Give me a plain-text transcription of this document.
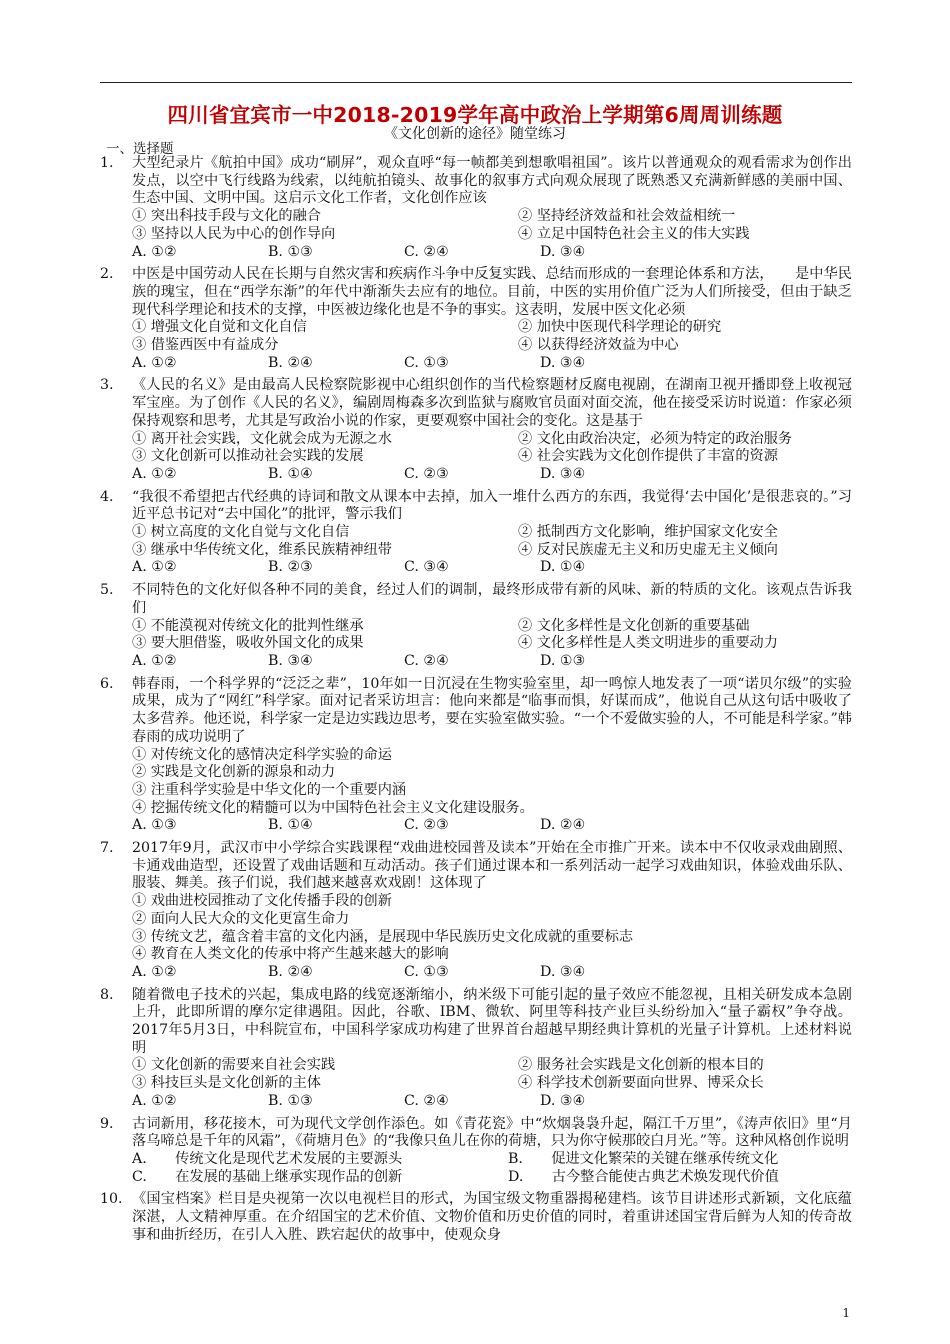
四川省宜宾市一中2018-2019学年高中政治上学期第6周周训练题
《文化创新的途径》随堂练习
一、选择题
1. 大型纪录片《航拍中国》成功“刷屏”，观众直呼“每一帧都美到想歌唱祖国”。该片以普通观众的观看需求为创作出发点，以空中飞行线路为线索，以纯航拍镜头、故事化的叙事方式向观众展现了既熟悉又充满新鲜感的美丽中国、生态中国、文明中国。这启示文化工作者，文化创作应该
① 突出科技手段与文化的融合	② 坚持经济效益和社会效益相统一
③ 坚持以人民为中心的创作导向	④ 立足中国特色社会主义的伟大实践
A. ①②	B. ①③	C. ②④	D. ③④
2. 中医是中国劳动人民在长期与自然灾害和疾病作斗争中反复实践、总结而形成的一套理论体系和方法，　　是中华民族的瑰宝，但在“西学东渐”的年代中渐渐失去应有的地位。目前，中医的实用价值广泛为人们所接受，但由于缺乏现代科学理论和技术的支撑，中医被边缘化也是不争的事实。这表明，发展中医文化必须
① 增强文化自觉和文化自信	② 加快中医现代科学理论的研究
③ 借鉴西医中有益成分	④ 以获得经济效益为中心
A. ①②	B. ②④	C. ①③	D. ③④
3. 《人民的名义》是由最高人民检察院影视中心组织创作的当代检察题材反腐电视剧，在湖南卫视开播即登上收视冠军宝座。为了创作《人民的名义》，编剧周梅森多次到监狱与腐败官员面对面交流，他在接受采访时说道：作家必须保持观察和思考，尤其是写政治小说的作家，更要观察中国社会的变化。这是基于
① 离开社会实践，文化就会成为无源之水	② 文化由政治决定，必须为特定的政治服务
③ 文化创新可以推动社会实践的发展	④ 社会实践为文化创作提供了丰富的资源
A. ①②	B. ①④	C. ②③	D. ③④
4. “我很不希望把古代经典的诗词和散文从课本中去掉，加入一堆什么西方的东西，我觉得‘去中国化’是很悲哀的。”习近平总书记对“去中国化”的批评，警示我们
① 树立高度的文化自觉与文化自信	② 抵制西方文化影响，维护国家文化安全
③ 继承中华传统文化，维系民族精神纽带	④ 反对民族虚无主义和历史虚无主义倾向
A. ①②	B. ②③	C. ③④	D. ①④
5. 不同特色的文化好似各种不同的美食，经过人们的调制，最终形成带有新的风味、新的特质的文化。该观点告诉我们
① 不能漠视对传统文化的批判性继承	② 文化多样性是文化创新的重要基础
③ 要大胆借鉴，吸收外国文化的成果	④ 文化多样性是人类文明进步的重要动力
A. ①②	B. ③④	C. ②④	D. ①③
6. 韩春雨，一个科学界的“泛泛之辈”，10年如一日沉浸在生物实验室里，却一鸣惊人地发表了一项“诺贝尔级”的实验成果，成为了“网红”科学家。面对记者采访坦言：他向来都是“临事而惧，好谋而成”，他说自己从这句话中吸收了太多营养。他还说，科学家一定是边实践边思考，要在实验室做实验。“一个不爱做实验的人，不可能是科学家。”韩春雨的成功说明了
① 对传统文化的感情决定科学实验的命运
② 实践是文化创新的源泉和动力
③ 注重科学实验是中华文化的一个重要内涵
④ 挖掘传统文化的精髓可以为中国特色社会主义文化建设服务。
A. ①③	B. ①④	C. ②③	D. ②④
7. 2017年9月，武汉市中小学综合实践课程“戏曲进校园普及读本”开始在全市推广开来。读本中不仅收录戏曲剧照、卡通戏曲造型，还设置了戏曲话题和互动活动。孩子们通过课本和一系列活动一起学习戏曲知识，体验戏曲乐队、服装、舞美。孩子们说，我们越来越喜欢戏剧！这体现了
① 戏曲进校园推动了文化传播手段的创新
② 面向人民大众的文化更富生命力
③ 传统文艺，蕴含着丰富的文化内涵，是展现中华民族历史文化成就的重要标志
④ 教育在人类文化的传承中将产生越来越大的影响
A. ①②	B. ②④	C. ①③	D. ③④
8. 随着微电子技术的兴起，集成电路的线宽逐渐缩小，纳米级下可能引起的量子效应不能忽视，且相关研发成本急剧上升，此即所谓的摩尔定律遇阻。因此，谷歌、IBM、微软、阿里等科技产业巨头纷纷加入“量子霸权”争夺战。2017年5月3日，中科院宣布，中国科学家成功构建了世界首台超越早期经典计算机的光量子计算机。上述材料说明
① 文化创新的需要来自社会实践	② 服务社会实践是文化创新的根本目的
③ 科技巨头是文化创新的主体	④ 科学技术创新要面向世界、博采众长
A. ①②	B. ①③	C. ②④	D. ③④
9. 古词新用，移花接木，可为现代文学创作添色。如《青花瓷》中“炊烟袅袅升起，隔江千万里”，《涛声依旧》里“月落乌啼总是千年的风霜”，《荷塘月色》的“我像只鱼儿在你的荷塘，只为你守候那皎白月光。”等。这种风格创作说明
A.　　传统文化是现代艺术发展的主要源头	B.　　促进文化繁荣的关键在继承传统文化
C.　　在发展的基础上继承实现作品的创新	D.　　古今整合能使古典艺术焕发现代价值
10. 《国宝档案》栏目是央视第一次以电视栏目的形式，为国宝级文物重器揭秘建档。该节目讲述形式新颖，文化底蕴深湛，人文精神厚重。在介绍国宝的艺术价值、文物价值和历史价值的同时，着重讲述国宝背后鲜为人知的传奇故事和曲折经历，在引人入胜、跌宕起伏的故事中，使观众身
1
